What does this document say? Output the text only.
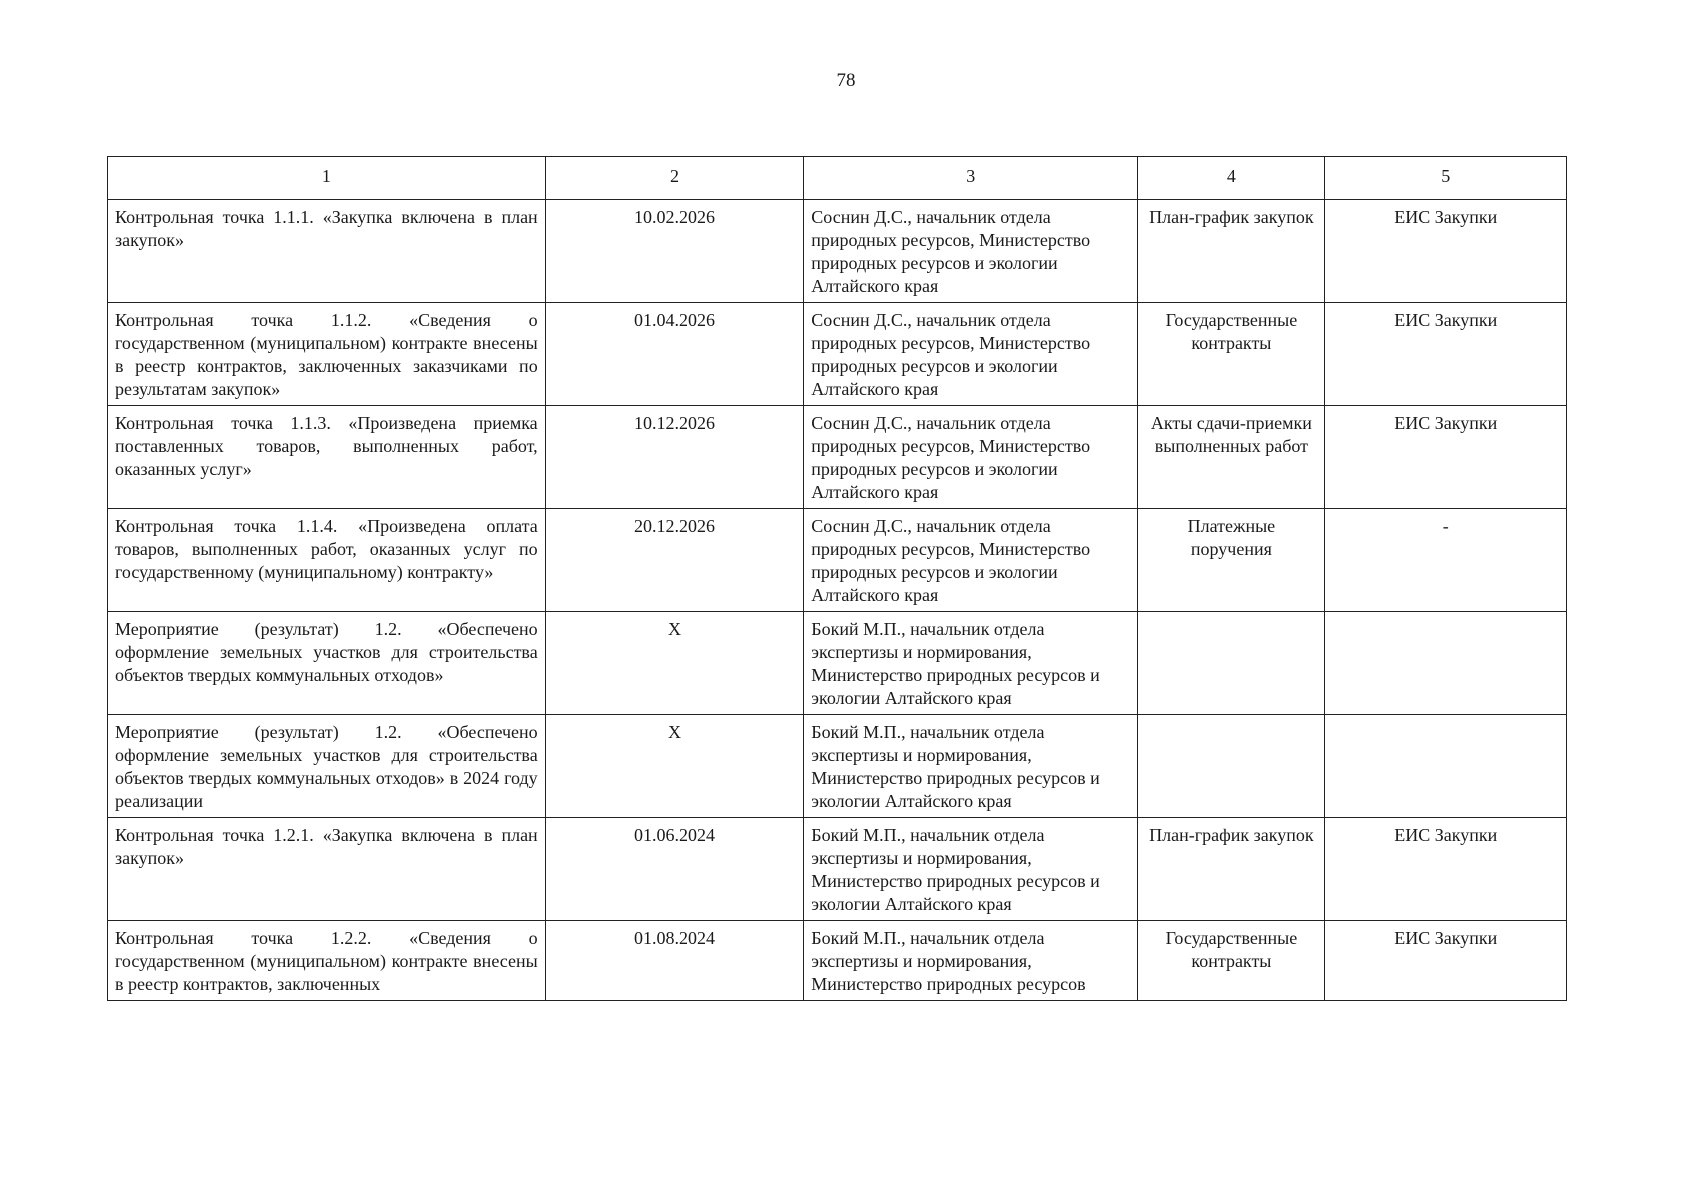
78
1	2	3	4	5
Контрольная точка 1.1.1. «Закупка включена в план закупок»	10.02.2026	Соснин Д.С., начальник отдела природных ресурсов, Министерство природных ресурсов и экологии Алтайского края	План-график закупок	ЕИС Закупки
Контрольная точка 1.1.2. «Сведения о государственном (муниципальном) контракте внесены в реестр контрактов, заключенных заказчиками по результатам закупок»	01.04.2026	Соснин Д.С., начальник отдела природных ресурсов, Министерство природных ресурсов и экологии Алтайского края	Государственные контракты	ЕИС Закупки
Контрольная точка 1.1.3. «Произведена приемка поставленных товаров, выполненных работ, оказанных услуг»	10.12.2026	Соснин Д.С., начальник отдела природных ресурсов, Министерство природных ресурсов и экологии Алтайского края	Акты сдачи-приемки выполненных работ	ЕИС Закупки
Контрольная точка 1.1.4. «Произведена оплата товаров, выполненных работ, оказанных услуг по государственному (муниципальному) контракту»	20.12.2026	Соснин Д.С., начальник отдела природных ресурсов, Министерство природных ресурсов и экологии Алтайского края	Платежные поручения	-
Мероприятие (результат) 1.2. «Обеспечено оформление земельных участков для строительства объектов твердых коммунальных отходов»	X	Бокий М.П., начальник отдела экспертизы и нормирования, Министерство природных ресурсов и экологии Алтайского края		
Мероприятие (результат) 1.2. «Обеспечено оформление земельных участков для строительства объектов твердых коммунальных отходов» в 2024 году реализации	X	Бокий М.П., начальник отдела экспертизы и нормирования, Министерство природных ресурсов и экологии Алтайского края		
Контрольная точка 1.2.1. «Закупка включена в план закупок»	01.06.2024	Бокий М.П., начальник отдела экспертизы и нормирования, Министерство природных ресурсов и экологии Алтайского края	План-график закупок	ЕИС Закупки
Контрольная точка 1.2.2. «Сведения о государственном (муниципальном) контракте внесены в реестр контрактов, заключенных	01.08.2024	Бокий М.П., начальник отдела экспертизы и нормирования, Министерство природных ресурсов	Государственные контракты	ЕИС Закупки
